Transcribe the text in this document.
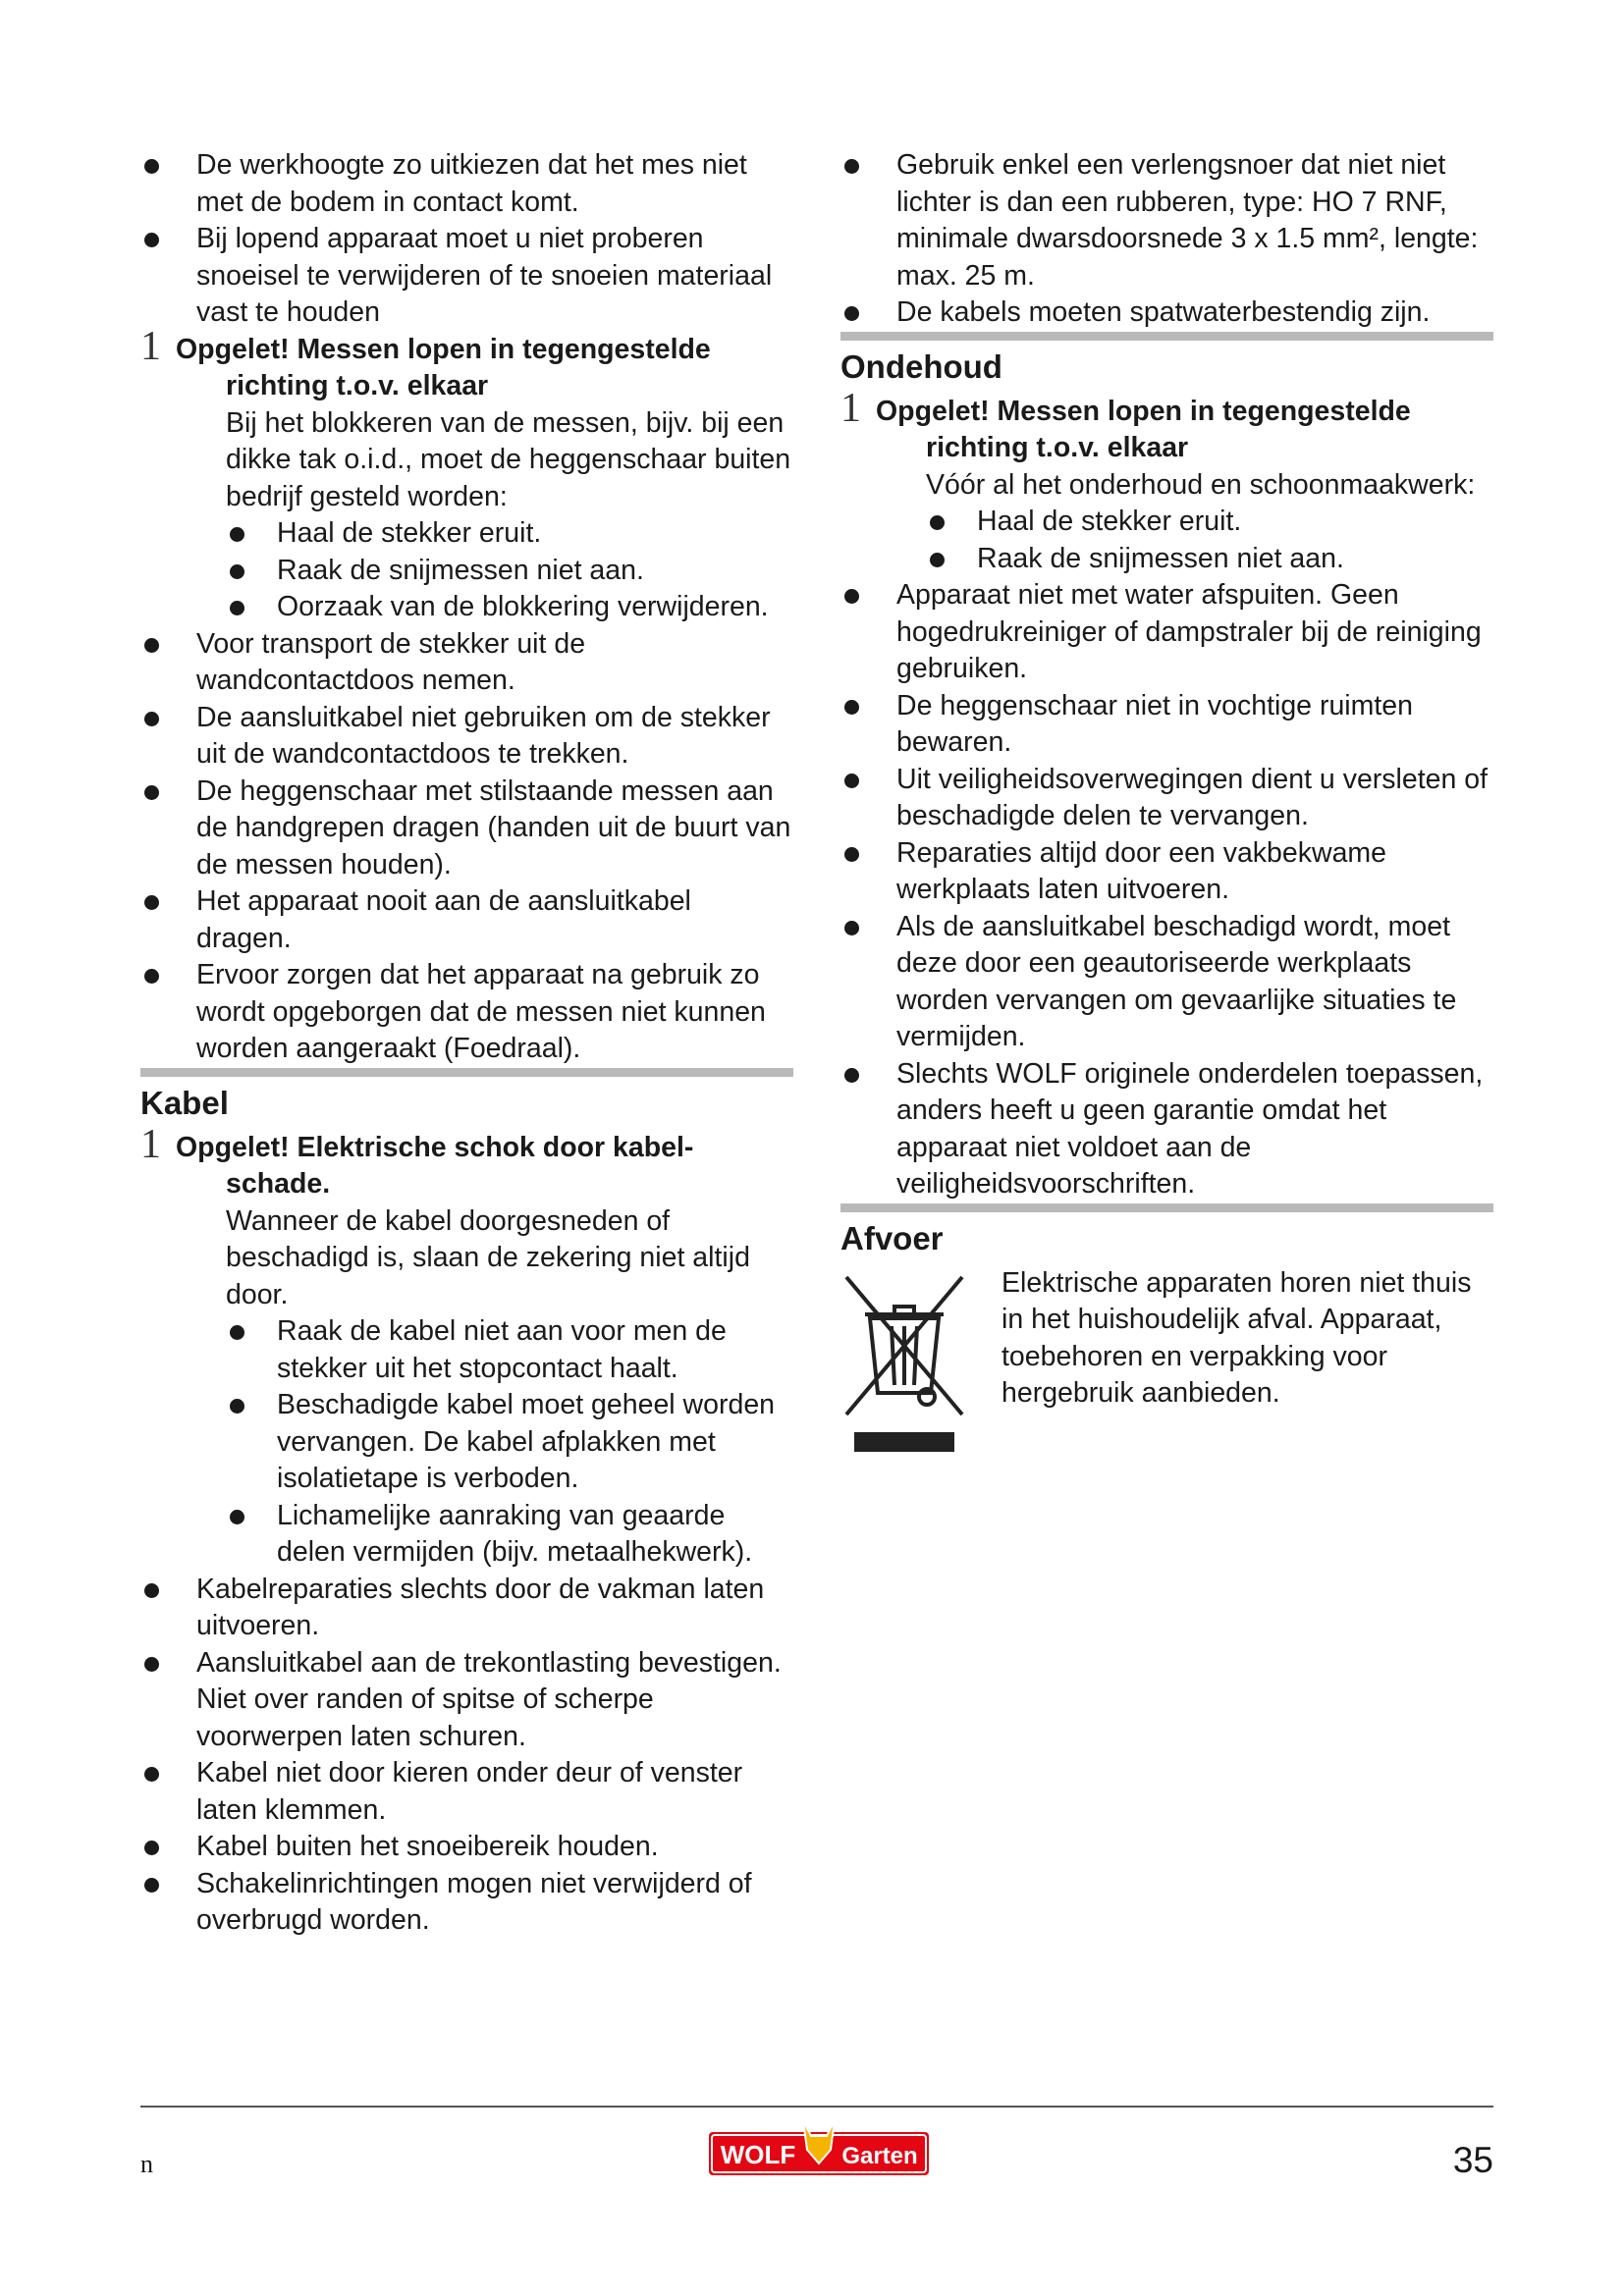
De werkhoogte zo uitkiezen dat het mes niet met de bodem in contact komt.
Bij lopend apparaat moet u niet proberen snoeisel te verwijderen of te snoeien materiaal vast te houden
1 Opgelet! Messen lopen in tegengestelde
richting t.o.v. elkaar

Bij het blokkeren van de messen, bijv. bij een dikke tak o.i.d., moet de heggenschaar buiten bedrijf gesteld worden:

Haal de stekker eruit.
Raak de snijmessen niet aan.
Oorzaak van de blokkering verwijderen.
Voor transport de stekker uit de wandcontactdoos nemen.
De aansluitkabel niet gebruiken om de stekker uit de wandcontactdoos te trekken.
De heggenschaar met stilstaande messen aan de handgrepen dragen (handen uit de buurt van de messen houden).
Het apparaat nooit aan de aansluitkabel dragen.
Ervoor zorgen dat het apparaat na gebruik zo wordt opgeborgen dat de messen niet kunnen worden aangeraakt (Foedraal).

Kabel

1 Opgelet! Elektrische schok door kabel-
schade.

Wanneer de kabel doorgesneden of beschadigd is, slaan de zekering niet altijd door.

Raak de kabel niet aan voor men de stekker uit het stopcontact haalt.
Beschadigde kabel moet geheel worden vervangen. De kabel afplakken met isolatietape is verboden.
Lichamelijke aanraking van geaarde delen vermijden (bijv. metaalhekwerk).
Kabelreparaties slechts door de vakman laten uitvoeren.
Aansluitkabel aan de trekontlasting bevestigen. Niet over randen of spitse of scherpe voorwerpen laten schuren.
Kabel niet door kieren onder deur of venster laten klemmen.
Kabel buiten het snoeibereik houden.
Schakelinrichtingen mogen niet verwijderd of overbrugd worden.
Gebruik enkel een verlengsnoer dat niet niet lichter is dan een rubberen, type: HO 7 RNF, minimale dwarsdoorsnede 3 x 1.5 mm², lengte: max. 25 m.
De kabels moeten spatwaterbestendig zijn.

Ondehoud

1 Opgelet! Messen lopen in tegengestelde
richting t.o.v. elkaar

Vóór al het onderhoud en schoonmaakwerk:

Haal de stekker eruit.
Raak de snijmessen niet aan.
Apparaat niet met water afspuiten. Geen hogedrukreiniger of dampstraler bij de reiniging gebruiken.
De heggenschaar niet in vochtige ruimten bewaren.
Uit veiligheidsoverwegingen dient u versleten of beschadigde delen te vervangen.
Reparaties altijd door een vakbekwame werkplaats laten uitvoeren.
Als de aansluitkabel beschadigd wordt, moet deze door een geautoriseerde werkplaats worden vervangen om gevaarlijke situaties te vermijden.
Slechts WOLF originele onderdelen toepassen, anders heeft u geen garantie omdat het apparaat niet voldoet aan de veiligheidsvoorschriften.

Afvoer

Elektrische apparaten horen niet thuis in het huishoudelijk afval. Apparaat, toebehoren en verpakking voor hergebruik aanbieden.

n	WOLF Garten	35
